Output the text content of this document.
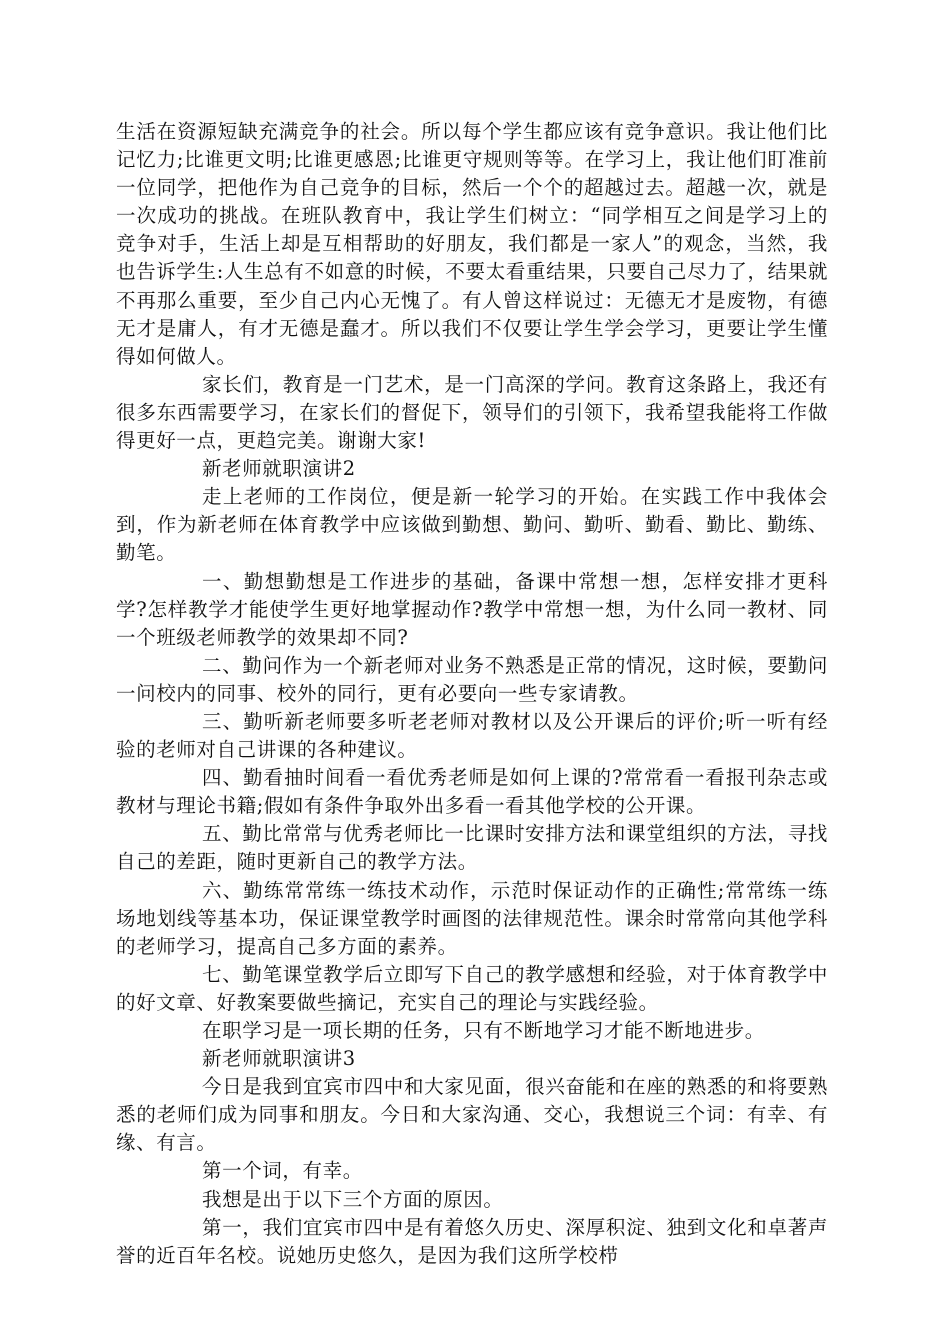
生活在资源短缺充满竞争的社会。所以每个学生都应该有竞争意识。我让他们比记忆力;比谁更文明;比谁更感恩;比谁更守规则等等。在学习上，我让他们盯准前一位同学，把他作为自己竞争的目标，然后一个个的超越过去。超越一次，就是一次成功的挑战。在班队教育中，我让学生们树立：“同学相互之间是学习上的竞争对手，生活上却是互相帮助的好朋友，我们都是一家人”的观念，当然，我也告诉学生:人生总有不如意的时候，不要太看重结果，只要自己尽力了，结果就不再那么重要，至少自己内心无愧了。有人曾这样说过：无德无才是废物，有德无才是庸人，有才无德是蠢才。所以我们不仅要让学生学会学习，更要让学生懂得如何做人。

家长们，教育是一门艺术，是一门高深的学问。教育这条路上，我还有很多东西需要学习，在家长们的督促下，领导们的引领下，我希望我能将工作做得更好一点，更趋完美。谢谢大家!

新老师就职演讲2

走上老师的工作岗位，便是新一轮学习的开始。在实践工作中我体会到，作为新老师在体育教学中应该做到勤想、勤问、勤听、勤看、勤比、勤练、勤笔。

一、勤想勤想是工作进步的基础，备课中常想一想，怎样安排才更科学?怎样教学才能使学生更好地掌握动作?教学中常想一想，为什么同一教材、同一个班级老师教学的效果却不同?

二、勤问作为一个新老师对业务不熟悉是正常的情况，这时候，要勤问一问校内的同事、校外的同行，更有必要向一些专家请教。

三、勤听新老师要多听老老师对教材以及公开课后的评价;听一听有经验的老师对自己讲课的各种建议。

四、勤看抽时间看一看优秀老师是如何上课的?常常看一看报刊杂志或教材与理论书籍;假如有条件争取外出多看一看其他学校的公开课。

五、勤比常常与优秀老师比一比课时安排方法和课堂组织的方法，寻找自己的差距，随时更新自己的教学方法。

六、勤练常常练一练技术动作，示范时保证动作的正确性;常常练一练场地划线等基本功，保证课堂教学时画图的法律规范性。课余时常常向其他学科的老师学习，提高自己多方面的素养。

七、勤笔课堂教学后立即写下自己的教学感想和经验，对于体育教学中的好文章、好教案要做些摘记，充实自己的理论与实践经验。

在职学习是一项长期的任务，只有不断地学习才能不断地进步。

新老师就职演讲3

今日是我到宜宾市四中和大家见面，很兴奋能和在座的熟悉的和将要熟悉的老师们成为同事和朋友。今日和大家沟通、交心，我想说三个词：有幸、有缘、有言。

第一个词，有幸。

我想是出于以下三个方面的原因。

第一，我们宜宾市四中是有着悠久历史、深厚积淀、独到文化和卓著声誉的近百年名校。说她历史悠久，是因为我们这所学校栉
